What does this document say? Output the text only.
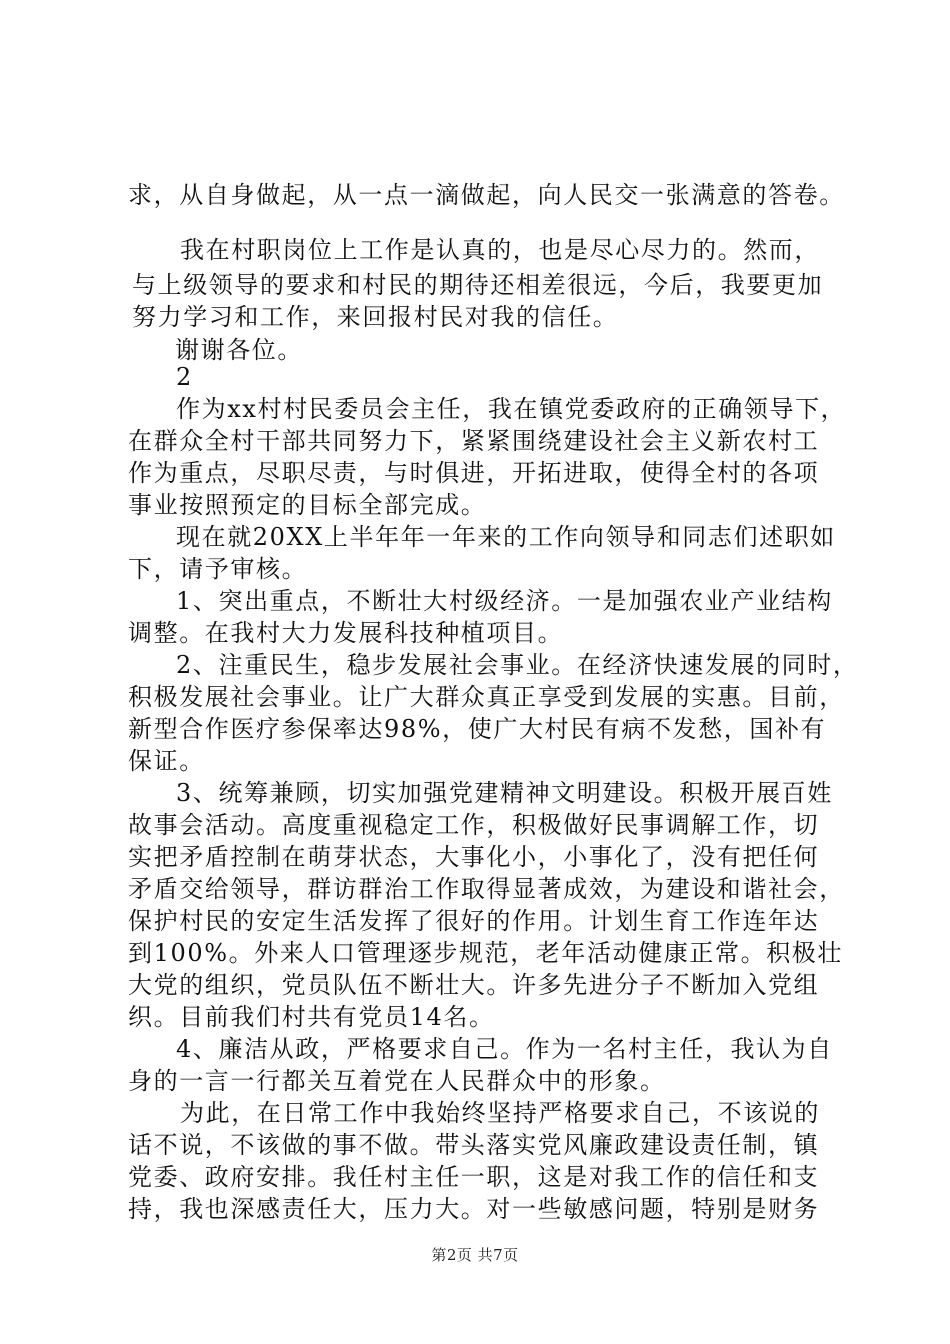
求，从自身做起，从一点一滴做起，向人民交一张满意的答卷。
我在村职岗位上工作是认真的，也是尽心尽力的。然而，
与上级领导的要求和村民的期待还相差很远，今后，我要更加
努力学习和工作，来回报村民对我的信任。
谢谢各位。
2
作为xx村村民委员会主任，我在镇党委政府的正确领导下，
在群众全村干部共同努力下，紧紧围绕建设社会主义新农村工
作为重点，尽职尽责，与时俱进，开拓进取，使得全村的各项
事业按照预定的目标全部完成。
现在就20XX上半年年一年来的工作向领导和同志们述职如
下，请予审核。
1、突出重点，不断壮大村级经济。一是加强农业产业结构
调整。在我村大力发展科技种植项目。
2、注重民生，稳步发展社会事业。在经济快速发展的同时，
积极发展社会事业。让广大群众真正享受到发展的实惠。目前，
新型合作医疗参保率达98%，使广大村民有病不发愁，国补有
保证。
3、统筹兼顾，切实加强党建精神文明建设。积极开展百姓
故事会活动。高度重视稳定工作，积极做好民事调解工作，切
实把矛盾控制在萌芽状态，大事化小，小事化了，没有把任何
矛盾交给领导，群访群治工作取得显著成效，为建设和谐社会，
保护村民的安定生活发挥了很好的作用。计划生育工作连年达
到100%。外来人口管理逐步规范，老年活动健康正常。积极壮
大党的组织，党员队伍不断壮大。许多先进分子不断加入党组
织。目前我们村共有党员14名。
4、廉洁从政，严格要求自己。作为一名村主任，我认为自
身的一言一行都关互着党在人民群众中的形象。
为此，在日常工作中我始终坚持严格要求自己，不该说的
话不说，不该做的事不做。带头落实党风廉政建设责任制，镇
党委、政府安排。我任村主任一职，这是对我工作的信任和支
持，我也深感责任大，压力大。对一些敏感问题，特别是财务
第2页 共7页
